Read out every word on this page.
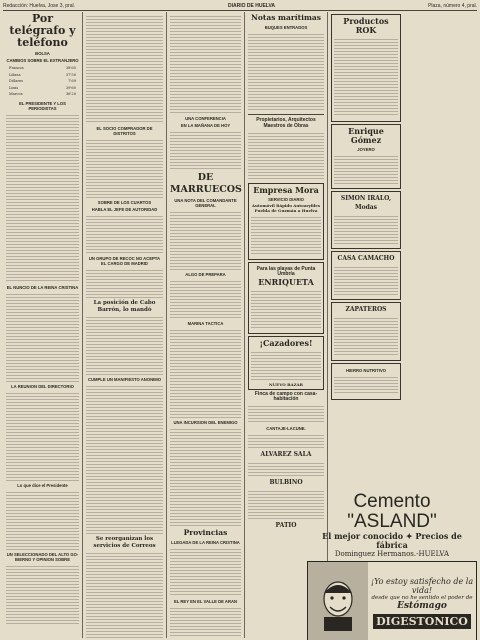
Redacción: Huelva, Jose 3, pral.	DIARIO DE HUELVA	Plaza, número 4, pral.
Por telégrafo y teléfono
BOLSA
CAMBIOS SOBRE EL EXTRANJERO
Francos	38'65
Libras	37'50
Dólares	7'69
Liras	39'60
Marcos	36'20
EL PRESIDENTE Y LOS PERIODISTAS
EL NUNCIO DE LA REINA CRISTINA
LA REUNION DEL DIRECTORIO
Lo que dice el Presidente
UN SELECCIONADO DEL ALTO GO-BIERNO Y OPINION SOBRE
EL SOCIO COMPRADOR DE DISTRITOS
SOBRE DE LOS CUARTOS
HABLA EL JEFE DE AUTORIDAD
UN GRUPO DE RECOC NO ACEPTA EL CARGO DE MADRID
La posición de Cabo Barrón, lo mandó
CUMPLE UN MANIFIESTO ANONIMO
Se reorganizan los servicios de Correos
UNA CONFERENCIA
EN LA MAÑANA DE HOY
DE MARRUECOS
UNA NOTA DEL COMANDANTE GENERAL
ALGO DE PREPARA
MARINA TACTICA
UNA INCURSION DEL ENEMIGO
Provincias
LLEGADA DE LA REINA CRISTINA
EL REY EN EL VALLE DE ARAN
Notas marítimas
BUQUES ENTRADOS
Propietarios, Arquitectos Maestros de Obras
Empresa Mora
SERVICIO DIARIO
Automóvil Rápido Autoaryfiles Puebla de Guzmán a Huelva
Para las playas de Punta Umbría
ENRIQUETA
¡Cazadores!
NUEVO BAZAR
Finca de campo con casa-habitación
CANTAJE-LACUNE.
ALVAREZ SALA
BULBINO
PATIO
Productos ROK
Enrique Gómez
JOYERO
SIMON IRALO, Modas
CASA CAMACHO
ZAPATEROS
HIERRO NUTRITIVO
Cemento "ASLAND"
El mejor conocido ✦ Precios de fábrica
Dominguez Hermanos.-HUELVA
¡Yo estoy satisfecho de la vida!
desde que no he sentido el poder de
Estómago
DIGESTONICO
